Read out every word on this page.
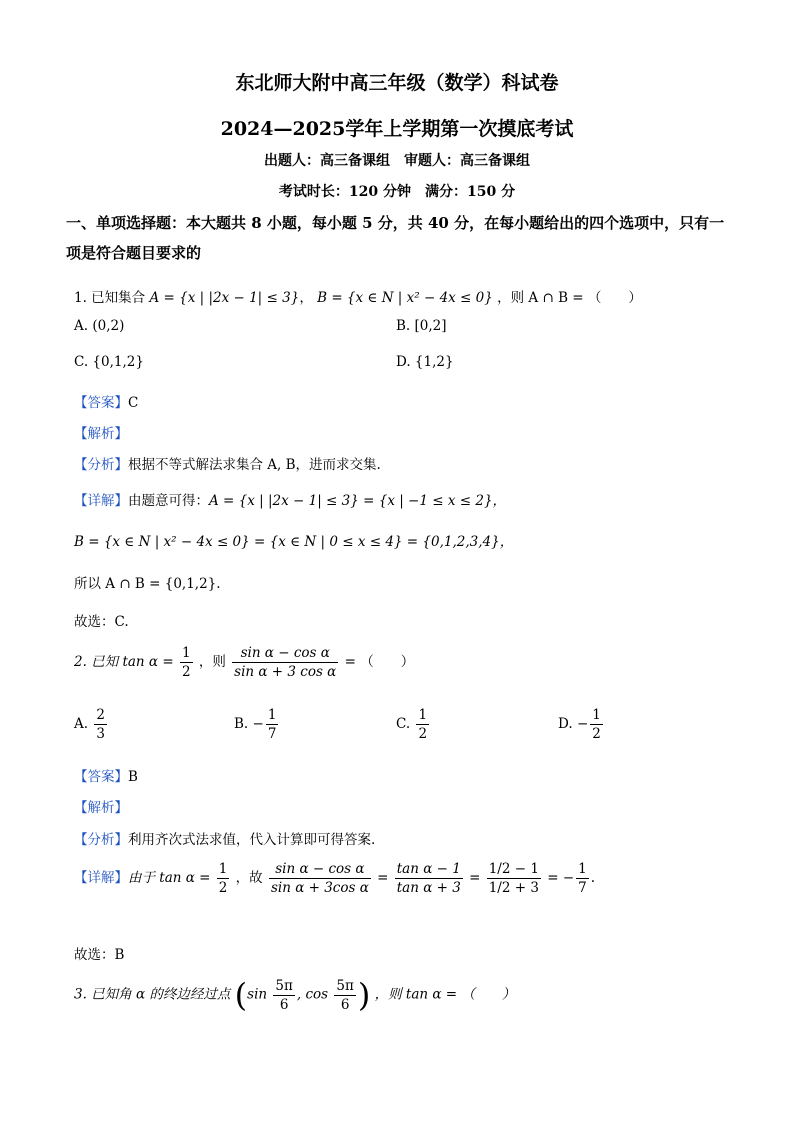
东北师大附中高三年级（数学）科试卷
2024—2025学年上学期第一次摸底考试
出题人：高三备课组　审题人：高三备课组
考试时长：120 分钟　满分：150 分
一、单项选择题：本大题共 8 小题，每小题 5 分，共 40 分，在每小题给出的四个选项中，只有一项是符合题目要求的
1. 已知集合 A = {x | |2x − 1| ≤ 3}， B = {x ∈ N | x² − 4x ≤ 0} ，则 A ∩ B = （　　）
A. (0,2)	B. [0,2]
C. {0,1,2}	D. {1,2}
【答案】C
【解析】
【分析】根据不等式解法求集合 A, B，进而求交集.
【详解】由题意可得：A = {x | |2x − 1| ≤ 3} = {x | −1 ≤ x ≤ 2}，
B = {x ∈ N | x² − 4x ≤ 0} = {x ∈ N | 0 ≤ x ≤ 4} = {0,1,2,3,4}，
所以 A ∩ B = {0,1,2}.
故选：C.
2. 已知 $\tan \alpha = \frac{1}{2}$ ，则 $\frac{\text{sin α − cos α}}{\text{sin α + 3 cos α}}$ = （　　）
A. $\frac{2}{3}$	B. − $\frac{1}{7}$	C. $\frac{1}{2}$	D. − $\frac{1}{2}$
【答案】B
【解析】
【分析】利用齐次式法求值，代入计算即可得答案.
【详解】由于 $\tan \alpha = \frac{1}{2}$ ，故 $\frac{\text{sin α − cos α}}{\text{sin α + 3cos α}} = \frac{\text{tan α − 1}}{\text{tan α + 3}} = \frac{1/2 - 1}{1/2 + 3}$ = − $\frac{1}{7}$ .
故选：B
3. 已知角 α 的终边经过点 ($\sin \frac{5\pi}{6}$ , $\cos \frac{5\pi}{6}$ ) ，则 tan α = （　　）
